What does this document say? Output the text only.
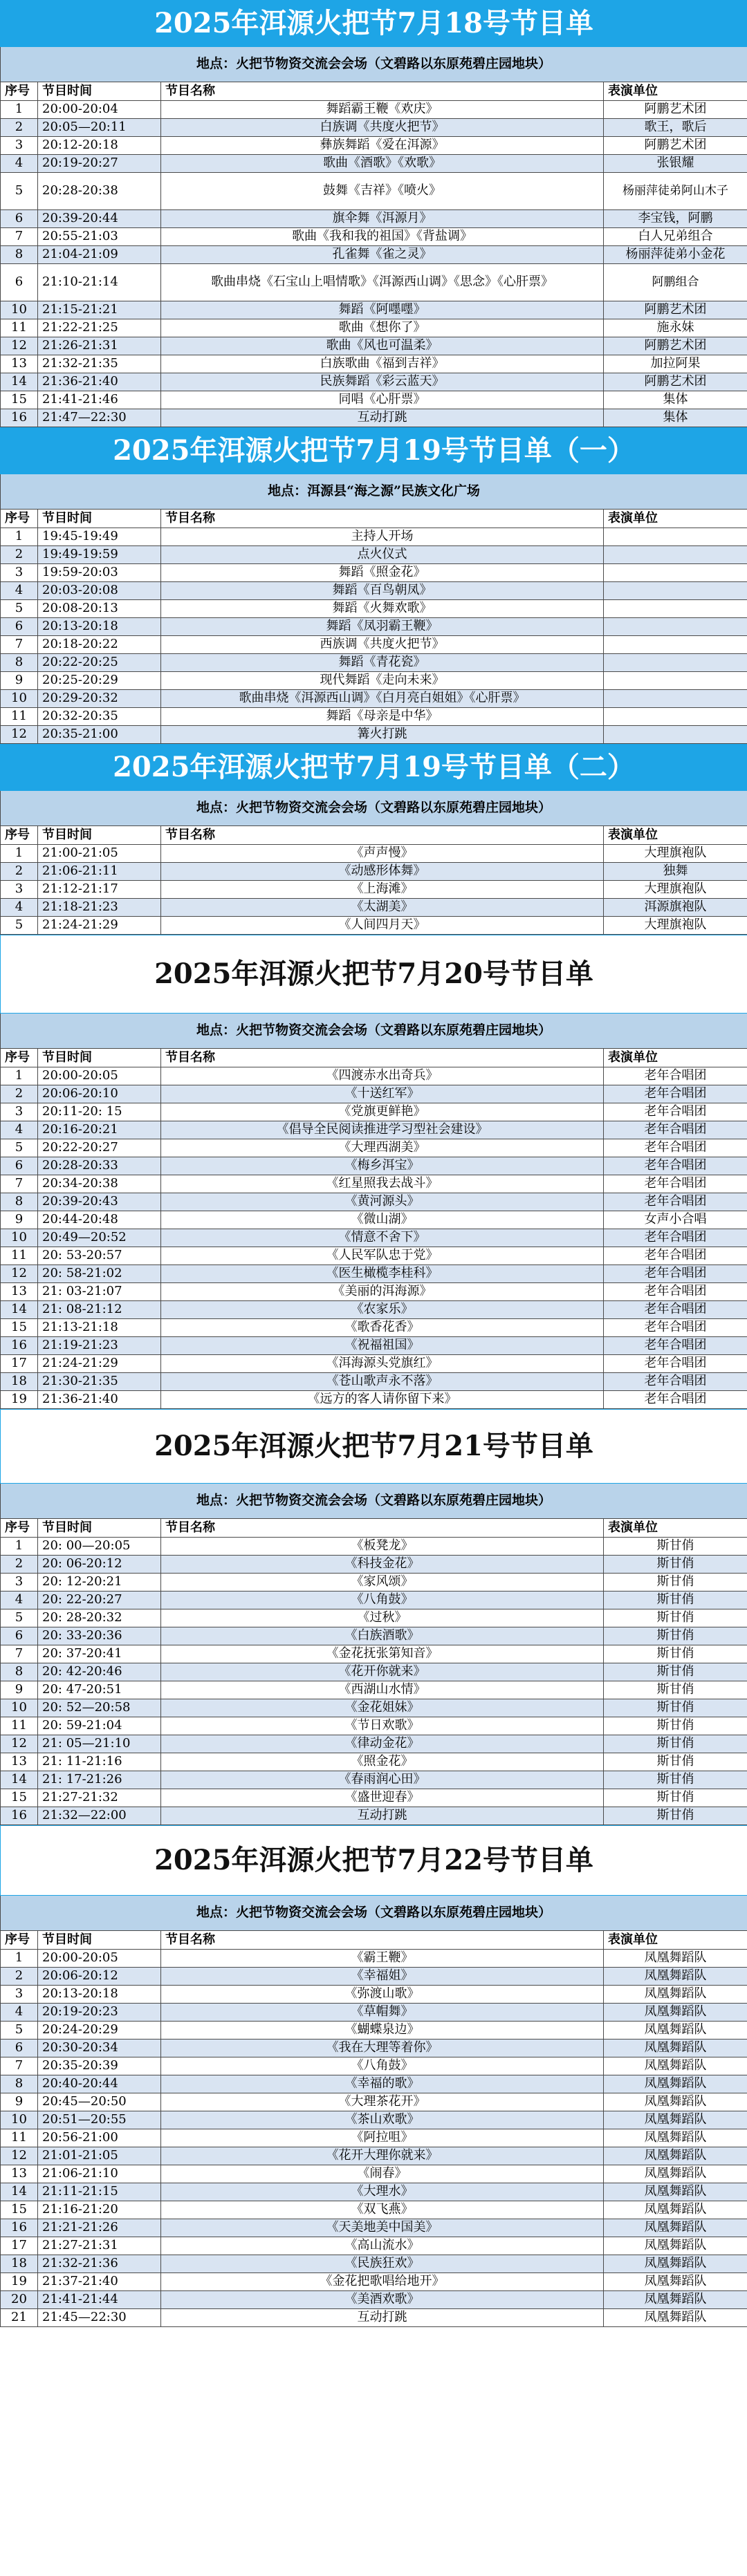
2025年洱源火把节7月18号节目单			
地点：火把节物资交流会会场（文碧路以东原苑碧庄园地块）			
序号	节目时间	节目名称	表演单位
1	20:00-20:04	舞蹈霸王鞭《欢庆》	阿鹏艺术团
2	20:05—20:11	白族调《共度火把节》	歌王，歌后
3	20:12-20:18	彝族舞蹈《爱在洱源》	阿鹏艺术团
4	20:19-20:27	歌曲《酒歌》《欢歌》	张银耀
5	20:28-20:38	鼓舞《吉祥》《喷火》	杨丽萍徒弟阿山木子
6	20:39-20:44	旗伞舞《洱源月》	李宝钱，阿鹏
7	20:55-21:03	歌曲《我和我的祖国》《背盐调》	白人兄弟组合
8	21:04-21:09	孔雀舞《雀之灵》	杨丽萍徒弟小金花
6	21:10-21:14	歌曲串烧《石宝山上唱情歌》《洱源西山调》《思念》《心肝票》	阿鹏组合
10	21:15-21:21	舞蹈《阿嚜嚜》	阿鹏艺术团
11	21:22-21:25	歌曲《想你了》	施永妹
12	21:26-21:31	歌曲《风也可温柔》	阿鹏艺术团
13	21:32-21:35	白族歌曲《福到吉祥》	加拉阿果
14	21:36-21:40	民族舞蹈《彩云蓝天》	阿鹏艺术团
15	21:41-21:46	同唱《心肝票》	集体
16	21:47—22:30	互动打跳	集体
2025年洱源火把节7月19号节目单（一）			
地点：洱源县“海之源”民族文化广场			
序号	节目时间	节目名称	表演单位
1	19:45-19:49	主持人开场	
2	19:49-19:59	点火仪式	
3	19:59-20:03	舞蹈《照金花》	
4	20:03-20:08	舞蹈《百鸟朝凤》	
5	20:08-20:13	舞蹈《火舞欢歌》	
6	20:13-20:18	舞蹈《凤羽霸王鞭》	
7	20:18-20:22	西族调《共度火把节》	
8	20:22-20:25	舞蹈《青花瓷》	
9	20:25-20:29	现代舞蹈《走向未来》	
10	20:29-20:32	歌曲串烧《洱源西山调》《白月亮白姐姐》《心肝票》	
11	20:32-20:35	舞蹈《母亲是中华》	
12	20:35-21:00	篝火打跳	
2025年洱源火把节7月19号节目单（二）			
地点：火把节物资交流会会场（文碧路以东原苑碧庄园地块）			
序号	节目时间	节目名称	表演单位
1	21:00-21:05	《声声慢》	大理旗袍队
2	21:06-21:11	《动感形体舞》	独舞
3	21:12-21:17	《上海滩》	大理旗袍队
4	21:18-21:23	《太湖美》	洱源旗袍队
5	21:24-21:29	《人间四月天》	大理旗袍队
2025年洱源火把节7月20号节目单			
地点：火把节物资交流会会场（文碧路以东原苑碧庄园地块）			
序号	节目时间	节目名称	表演单位
1	20:00-20:05	《四渡赤水出奇兵》	老年合唱团
2	20:06-20:10	《十送红军》	老年合唱团
3	20:11-20: 15	《党旗更鲜艳》	老年合唱团
4	20:16-20:21	《倡导全民阅读推进学习型社会建设》	老年合唱团
5	20:22-20:27	《大理西湖美》	老年合唱团
6	20:28-20:33	《梅乡洱宝》	老年合唱团
7	20:34-20:38	《红星照我去战斗》	老年合唱团
8	20:39-20:43	《黄河源头》	老年合唱团
9	20:44-20:48	《微山湖》	女声小合唱
10	20:49—20:52	《情意不舍下》	老年合唱团
11	20: 53-20:57	《人民军队忠于党》	老年合唱团
12	20: 58-21:02	《医生橄榄李桂科》	老年合唱团
13	21: 03-21:07	《美丽的洱海源》	老年合唱团
14	21: 08-21:12	《农家乐》	老年合唱团
15	21:13-21:18	《歌香花香》	老年合唱团
16	21:19-21:23	《祝福祖国》	老年合唱团
17	21:24-21:29	《洱海源头党旗红》	老年合唱团
18	21:30-21:35	《苍山歌声永不落》	老年合唱团
19	21:36-21:40	《远方的客人请你留下来》	老年合唱团
2025年洱源火把节7月21号节目单			
地点：火把节物资交流会会场（文碧路以东原苑碧庄园地块）			
序号	节目时间	节目名称	表演单位
1	20: 00—20:05	《板凳龙》	斯甘俏
2	20: 06-20:12	《科技金花》	斯甘俏
3	20: 12-20:21	《家风颂》	斯甘俏
4	20: 22-20:27	《八角鼓》	斯甘俏
5	20: 28-20:32	《过秋》	斯甘俏
6	20: 33-20:36	《白族酒歌》	斯甘俏
7	20: 37-20:41	《金花抚张第知音》	斯甘俏
8	20: 42-20:46	《花开你就来》	斯甘俏
9	20: 47-20:51	《西湖山水情》	斯甘俏
10	20: 52—20:58	《金花姐妹》	斯甘俏
11	20: 59-21:04	《节日欢歌》	斯甘俏
12	21: 05—21:10	《律动金花》	斯甘俏
13	21: 11-21:16	《照金花》	斯甘俏
14	21: 17-21:26	《春雨润心田》	斯甘俏
15	21:27-21:32	《盛世迎春》	斯甘俏
16	21:32—22:00	互动打跳	斯甘俏
2025年洱源火把节7月22号节目单			
地点：火把节物资交流会会场（文碧路以东原苑碧庄园地块）			
序号	节目时间	节目名称	表演单位
1	20:00-20:05	《霸王鞭》	凤凰舞蹈队
2	20:06-20:12	《幸福姐》	凤凰舞蹈队
3	20:13-20:18	《弥渡山歌》	凤凰舞蹈队
4	20:19-20:23	《草帽舞》	凤凰舞蹈队
5	20:24-20:29	《蝴蝶泉边》	凤凰舞蹈队
6	20:30-20:34	《我在大理等着你》	凤凰舞蹈队
7	20:35-20:39	《八角鼓》	凤凰舞蹈队
8	20:40-20:44	《幸福的歌》	凤凰舞蹈队
9	20:45—20:50	《大理茶花开》	凤凰舞蹈队
10	20:51—20:55	《茶山欢歌》	凤凰舞蹈队
11	20:56-21:00	《阿拉咀》	凤凰舞蹈队
12	21:01-21:05	《花开大理你就来》	凤凰舞蹈队
13	21:06-21:10	《闹春》	凤凰舞蹈队
14	21:11-21:15	《大理水》	凤凰舞蹈队
15	21:16-21:20	《双飞燕》	凤凰舞蹈队
16	21:21-21:26	《天美地美中国美》	凤凰舞蹈队
17	21:27-21:31	《高山流水》	凤凰舞蹈队
18	21:32-21:36	《民族狂欢》	凤凰舞蹈队
19	21:37-21:40	《金花把歌唱给地开》	凤凰舞蹈队
20	21:41-21:44	《美酒欢歌》	凤凰舞蹈队
21	21:45—22:30	互动打跳	凤凰舞蹈队
